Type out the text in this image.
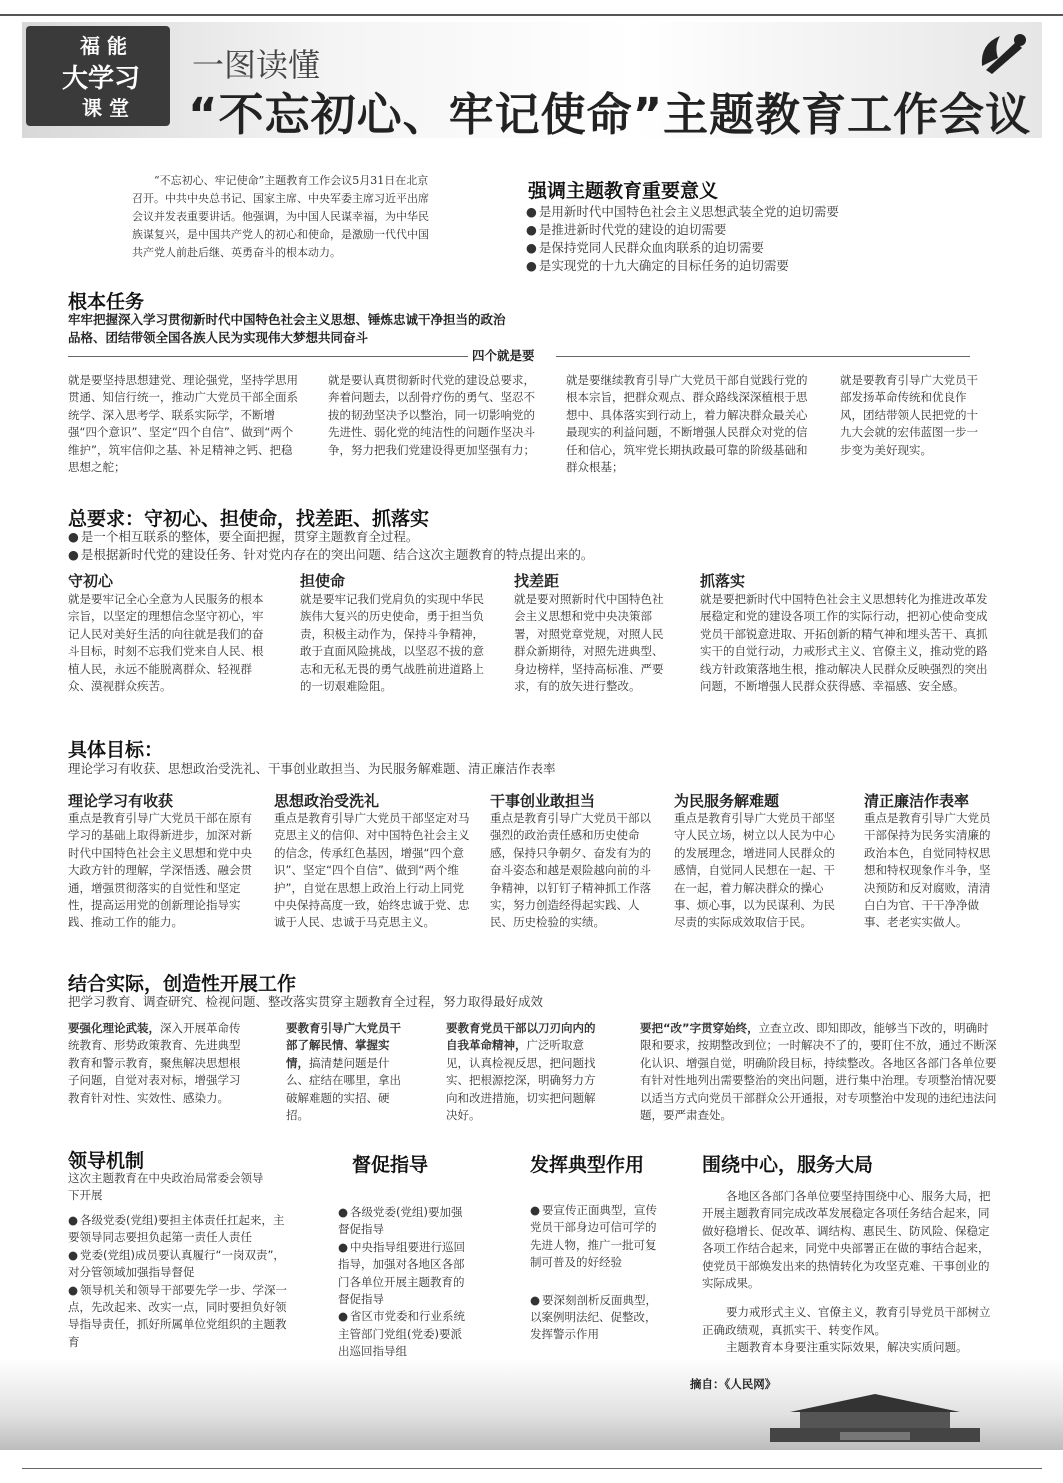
福 能
大学习
课 堂
一图读懂
“不忘初心、牢记使命”主题教育工作会议
“不忘初心、牢记使命”主题教育工作会议5月31日在北京召开。中共中央总书记、国家主席、中央军委主席习近平出席会议并发表重要讲话。他强调，为中国人民谋幸福，为中华民族谋复兴，是中国共产党人的初心和使命，是激励一代代中国共产党人前赴后继、英勇奋斗的根本动力。
强调主题教育重要意义
● 是用新时代中国特色社会主义思想武装全党的迫切需要
● 是推进新时代党的建设的迫切需要
● 是保持党同人民群众血肉联系的迫切需要
● 是实现党的十九大确定的目标任务的迫切需要
根本任务
牢牢把握深入学习贯彻新时代中国特色社会主义思想、锤炼忠诚干净担当的政治品格、团结带领全国各族人民为实现伟大梦想共同奋斗
四个就是要
就是要坚持思想建党、理论强党，坚持学思用贯通、知信行统一，推动广大党员干部全面系统学、深入思考学、联系实际学，不断增强“四个意识”、坚定“四个自信”、做到“两个维护”，筑牢信仰之基、补足精神之钙、把稳思想之舵；
就是要认真贯彻新时代党的建设总要求，奔着问题去，以刮骨疗伤的勇气、坚忍不拔的韧劲坚决予以整治，同一切影响党的先进性、弱化党的纯洁性的问题作坚决斗争，努力把我们党建设得更加坚强有力；
就是要继续教育引导广大党员干部自觉践行党的根本宗旨，把群众观点、群众路线深深植根于思想中、具体落实到行动上，着力解决群众最关心最现实的利益问题，不断增强人民群众对党的信任和信心，筑牢党长期执政最可靠的阶级基础和群众根基；
就是要教育引导广大党员干部发扬革命传统和优良作风，团结带领人民把党的十九大会就的宏伟蓝图一步一步变为美好现实。
总要求：守初心、担使命，找差距、抓落实
● 是一个相互联系的整体，要全面把握，贯穿主题教育全过程。
● 是根据新时代党的建设任务、针对党内存在的突出问题、结合这次主题教育的特点提出来的。
守初心
就是要牢记全心全意为人民服务的根本宗旨，以坚定的理想信念坚守初心，牢记人民对美好生活的向往就是我们的奋斗目标，时刻不忘我们党来自人民、根植人民，永远不能脱离群众、轻视群众、漠视群众疾苦。
担使命
就是要牢记我们党肩负的实现中华民族伟大复兴的历史使命，勇于担当负责，积极主动作为，保持斗争精神，敢于直面风险挑战，以坚忍不拔的意志和无私无畏的勇气战胜前进道路上的一切艰难险阻。
找差距
就是要对照新时代中国特色社会主义思想和党中央决策部署，对照党章党规，对照人民群众新期待，对照先进典型、身边榜样，坚持高标准、严要求，有的放矢进行整改。
抓落实
就是要把新时代中国特色社会主义思想转化为推进改革发展稳定和党的建设各项工作的实际行动，把初心使命变成党员干部锐意进取、开拓创新的精气神和埋头苦干、真抓实干的自觉行动，力戒形式主义、官僚主义，推动党的路线方针政策落地生根，推动解决人民群众反映强烈的突出问题，不断增强人民群众获得感、幸福感、安全感。
具体目标：
理论学习有收获、思想政治受洗礼、干事创业敢担当、为民服务解难题、清正廉洁作表率
理论学习有收获
重点是教育引导广大党员干部在原有学习的基础上取得新进步，加深对新时代中国特色社会主义思想和党中央大政方针的理解，学深悟透、融会贯通，增强贯彻落实的自觉性和坚定性，提高运用党的创新理论指导实践、推动工作的能力。
思想政治受洗礼
重点是教育引导广大党员干部坚定对马克思主义的信仰、对中国特色社会主义的信念，传承红色基因，增强“四个意识”、坚定“四个自信”、做到“两个维护”，自觉在思想上政治上行动上同党中央保持高度一致，始终忠诚于党、忠诚于人民、忠诚于马克思主义。
干事创业敢担当
重点是教育引导广大党员干部以强烈的政治责任感和历史使命感，保持只争朝夕、奋发有为的奋斗姿态和越是艰险越向前的斗争精神，以钉钉子精神抓工作落实，努力创造经得起实践、人民、历史检验的实绩。
为民服务解难题
重点是教育引导广大党员干部坚守人民立场，树立以人民为中心的发展理念，增进同人民群众的感情，自觉同人民想在一起、干在一起，着力解决群众的操心事、烦心事，以为民谋利、为民尽责的实际成效取信于民。
清正廉洁作表率
重点是教育引导广大党员干部保持为民务实清廉的政治本色，自觉同特权思想和特权现象作斗争，坚决预防和反对腐败，清清白白为官、干干净净做事、老老实实做人。
结合实际，创造性开展工作
把学习教育、调查研究、检视问题、整改落实贯穿主题教育全过程，努力取得最好成效
要强化理论武装，深入开展革命传统教育、形势政策教育、先进典型教育和警示教育，聚焦解决思想根子问题，自觉对表对标，增强学习教育针对性、实效性、感染力。
要教育引导广大党员干部了解民情、掌握实情，搞清楚问题是什么、症结在哪里，拿出破解难题的实招、硬招。
要教育党员干部以刀刃向内的自我革命精神，广泛听取意见，认真检视反思，把问题找实、把根源挖深，明确努力方向和改进措施，切实把问题解决好。
要把“改”字贯穿始终，立查立改、即知即改，能够当下改的，明确时限和要求，按期整改到位；一时解决不了的，要盯住不放，通过不断深化认识、增强自觉，明确阶段目标，持续整改。各地区各部门各单位要有针对性地列出需要整治的突出问题，进行集中治理。专项整治情况要以适当方式向党员干部群众公开通报，对专项整治中发现的违纪违法问题，要严肃查处。
领导机制
这次主题教育在中央政治局常委会领导下开展
● 各级党委(党组)要担主体责任扛起来，主要领导同志要担负起第一责任人责任
● 党委(党组)成员要认真履行“一岗双责”，对分管领域加强指导督促
● 领导机关和领导干部要先学一步、学深一点，先改起来、改实一点，同时要担负好领导指导责任，抓好所属单位党组织的主题教育
督促指导
● 各级党委(党组)要加强督促指导
● 中央指导组要进行巡回指导，加强对各地区各部门各单位开展主题教育的督促指导
● 省区市党委和行业系统主管部门党组(党委)要派出巡回指导组
发挥典型作用
● 要宣传正面典型，宣传党员干部身边可信可学的先进人物，推广一批可复制可普及的好经验
● 要深刻剖析反面典型，以案例明法纪、促整改，发挥警示作用
围绕中心，服务大局

各地区各部门各单位要坚持围绕中心、服务大局，把开展主题教育同完成改革发展稳定各项任务结合起来，同做好稳增长、促改革、调结构、惠民生、防风险、保稳定各项工作结合起来，同党中央部署正在做的事结合起来，使党员干部焕发出来的热情转化为攻坚克难、干事创业的实际成果。

要力戒形式主义、官僚主义，教育引导党员干部树立正确政绩观，真抓实干、转变作风。

主题教育本身要注重实际效果，解决实质问题。

摘自：《人民网》
